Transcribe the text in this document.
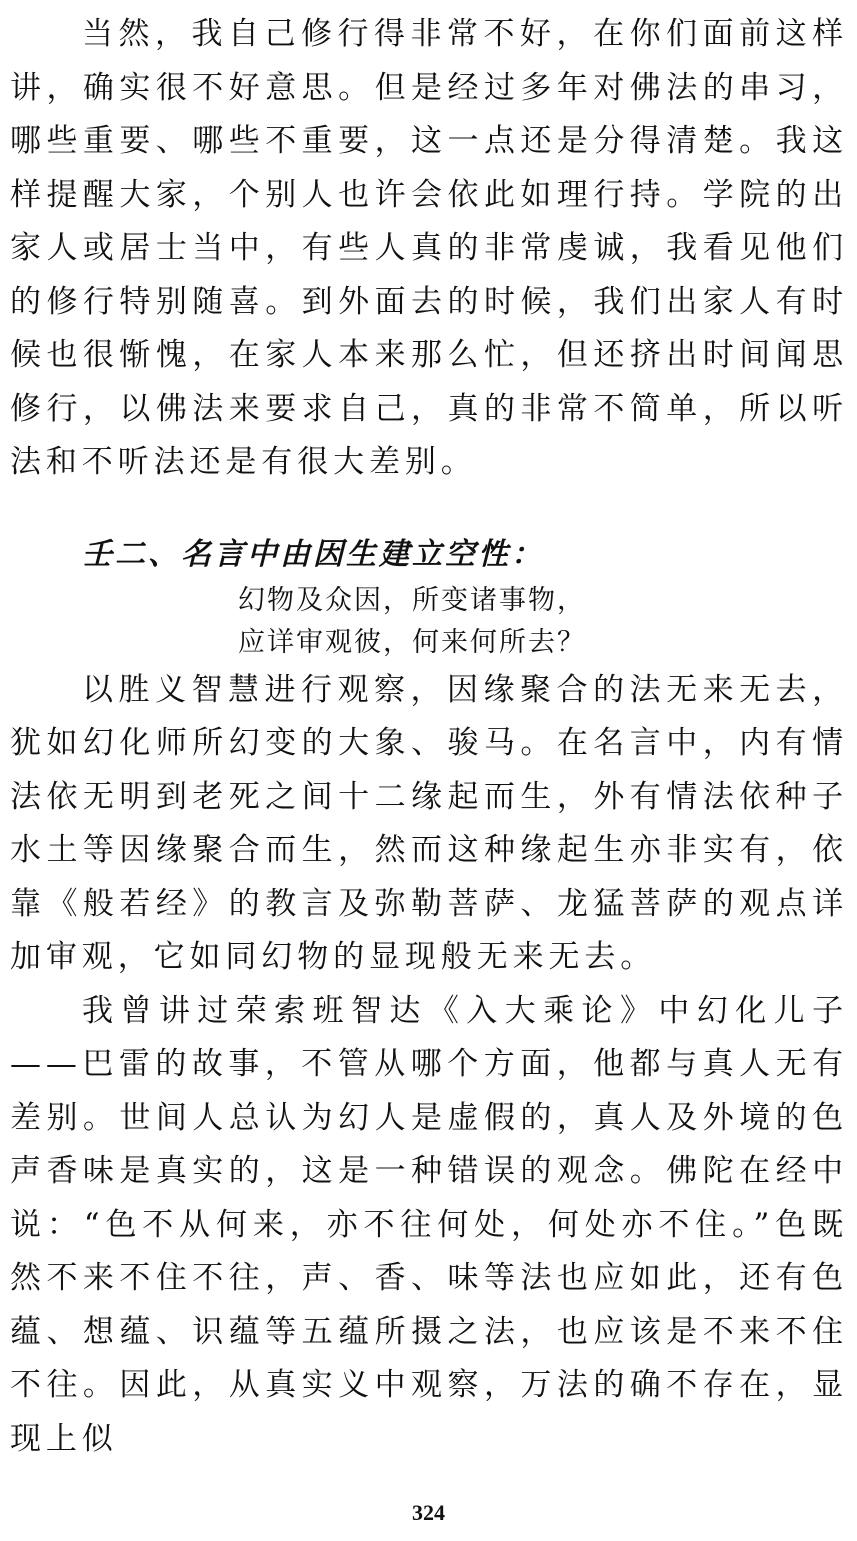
当然，我自己修行得非常不好，在你们面前这样讲，确实很不好意思。但是经过多年对佛法的串习，哪些重要、哪些不重要，这一点还是分得清楚。我这样提醒大家，个别人也许会依此如理行持。学院的出家人或居士当中，有些人真的非常虔诚，我看见他们的修行特别随喜。到外面去的时候，我们出家人有时候也很惭愧，在家人本来那么忙，但还挤出时间闻思修行，以佛法来要求自己，真的非常不简单，所以听法和不听法还是有很大差别。

壬二、名言中由因生建立空性：

幻物及众因，所变诸事物，

应详审观彼，何来何所去？

以胜义智慧进行观察，因缘聚合的法无来无去，犹如幻化师所幻变的大象、骏马。在名言中，内有情法依无明到老死之间十二缘起而生，外有情法依种子水土等因缘聚合而生，然而这种缘起生亦非实有，依靠《般若经》的教言及弥勒菩萨、龙猛菩萨的观点详加审观，它如同幻物的显现般无来无去。

我曾讲过荣索班智达《入大乘论》中幻化儿子——巴雷的故事，不管从哪个方面，他都与真人无有差别。世间人总认为幻人是虚假的，真人及外境的色声香味是真实的，这是一种错误的观念。佛陀在经中说：“色不从何来，亦不往何处，何处亦不住。”色既然不来不住不往，声、香、味等法也应如此，还有色蕴、想蕴、识蕴等五蕴所摄之法，也应该是不来不住不往。因此，从真实义中观察，万法的确不存在，显现上似

324
